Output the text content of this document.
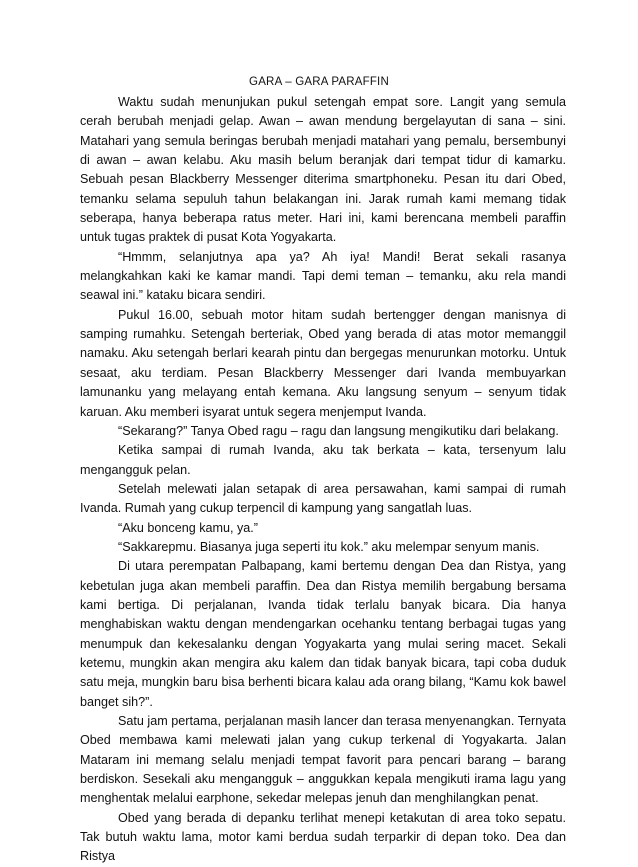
GARA – GARA PARAFFIN

Waktu sudah menunjukan pukul setengah empat sore. Langit yang semula cerah berubah menjadi gelap. Awan – awan mendung bergelayutan di sana – sini. Matahari yang semula beringas berubah menjadi matahari yang pemalu, bersembunyi di awan – awan kelabu. Aku masih belum beranjak dari tempat tidur di kamarku. Sebuah pesan Blackberry Messenger diterima smartphoneku. Pesan itu dari Obed, temanku selama sepuluh tahun belakangan ini. Jarak rumah kami memang tidak seberapa, hanya beberapa ratus meter. Hari ini, kami berencana membeli paraffin untuk tugas praktek di pusat Kota Yogyakarta.

“Hmmm, selanjutnya apa ya? Ah iya! Mandi! Berat sekali rasanya melangkahkan kaki ke kamar mandi. Tapi demi teman – temanku, aku rela mandi seawal ini.” kataku bicara sendiri.

Pukul 16.00, sebuah motor hitam sudah bertengger dengan manisnya di samping rumahku. Setengah berteriak, Obed yang berada di atas motor memanggil namaku. Aku setengah berlari kearah pintu dan bergegas menurunkan motorku. Untuk sesaat, aku terdiam. Pesan Blackberry Messenger dari Ivanda membuyarkan lamunanku yang melayang entah kemana. Aku langsung senyum – senyum tidak karuan. Aku memberi isyarat untuk segera menjemput Ivanda.

“Sekarang?” Tanya Obed ragu – ragu dan langsung mengikutiku dari belakang.

Ketika sampai di rumah Ivanda, aku tak berkata – kata, tersenyum lalu mengangguk pelan.

Setelah melewati jalan setapak di area persawahan, kami sampai di rumah Ivanda. Rumah yang cukup terpencil di kampung yang sangatlah luas.

“Aku bonceng kamu, ya.”

“Sakkarepmu. Biasanya juga seperti itu kok.” aku melempar senyum manis.

Di utara perempatan Palbapang, kami bertemu dengan Dea dan Ristya, yang kebetulan juga akan membeli paraffin. Dea dan Ristya memilih bergabung bersama kami bertiga. Di perjalanan, Ivanda tidak terlalu banyak bicara. Dia hanya menghabiskan waktu dengan mendengarkan ocehanku tentang berbagai tugas yang menumpuk dan kekesalanku dengan Yogyakarta yang mulai sering macet. Sekali ketemu, mungkin akan mengira aku kalem dan tidak banyak bicara, tapi coba duduk satu meja, mungkin baru bisa berhenti bicara kalau ada orang bilang, “Kamu kok bawel banget sih?”.

Satu jam pertama, perjalanan masih lancer dan terasa menyenangkan. Ternyata Obed membawa kami melewati jalan yang cukup terkenal di Yogyakarta. Jalan Mataram ini memang selalu menjadi tempat favorit para pencari barang – barang berdiskon. Sesekali aku mengangguk – anggukkan kepala mengikuti irama lagu yang menghentak melalui earphone, sekedar melepas jenuh dan menghilangkan penat.

Obed yang berada di depanku terlihat menepi ketakutan di area toko sepatu. Tak butuh waktu lama, motor kami berdua sudah terparkir di depan toko. Dea dan Ristya
